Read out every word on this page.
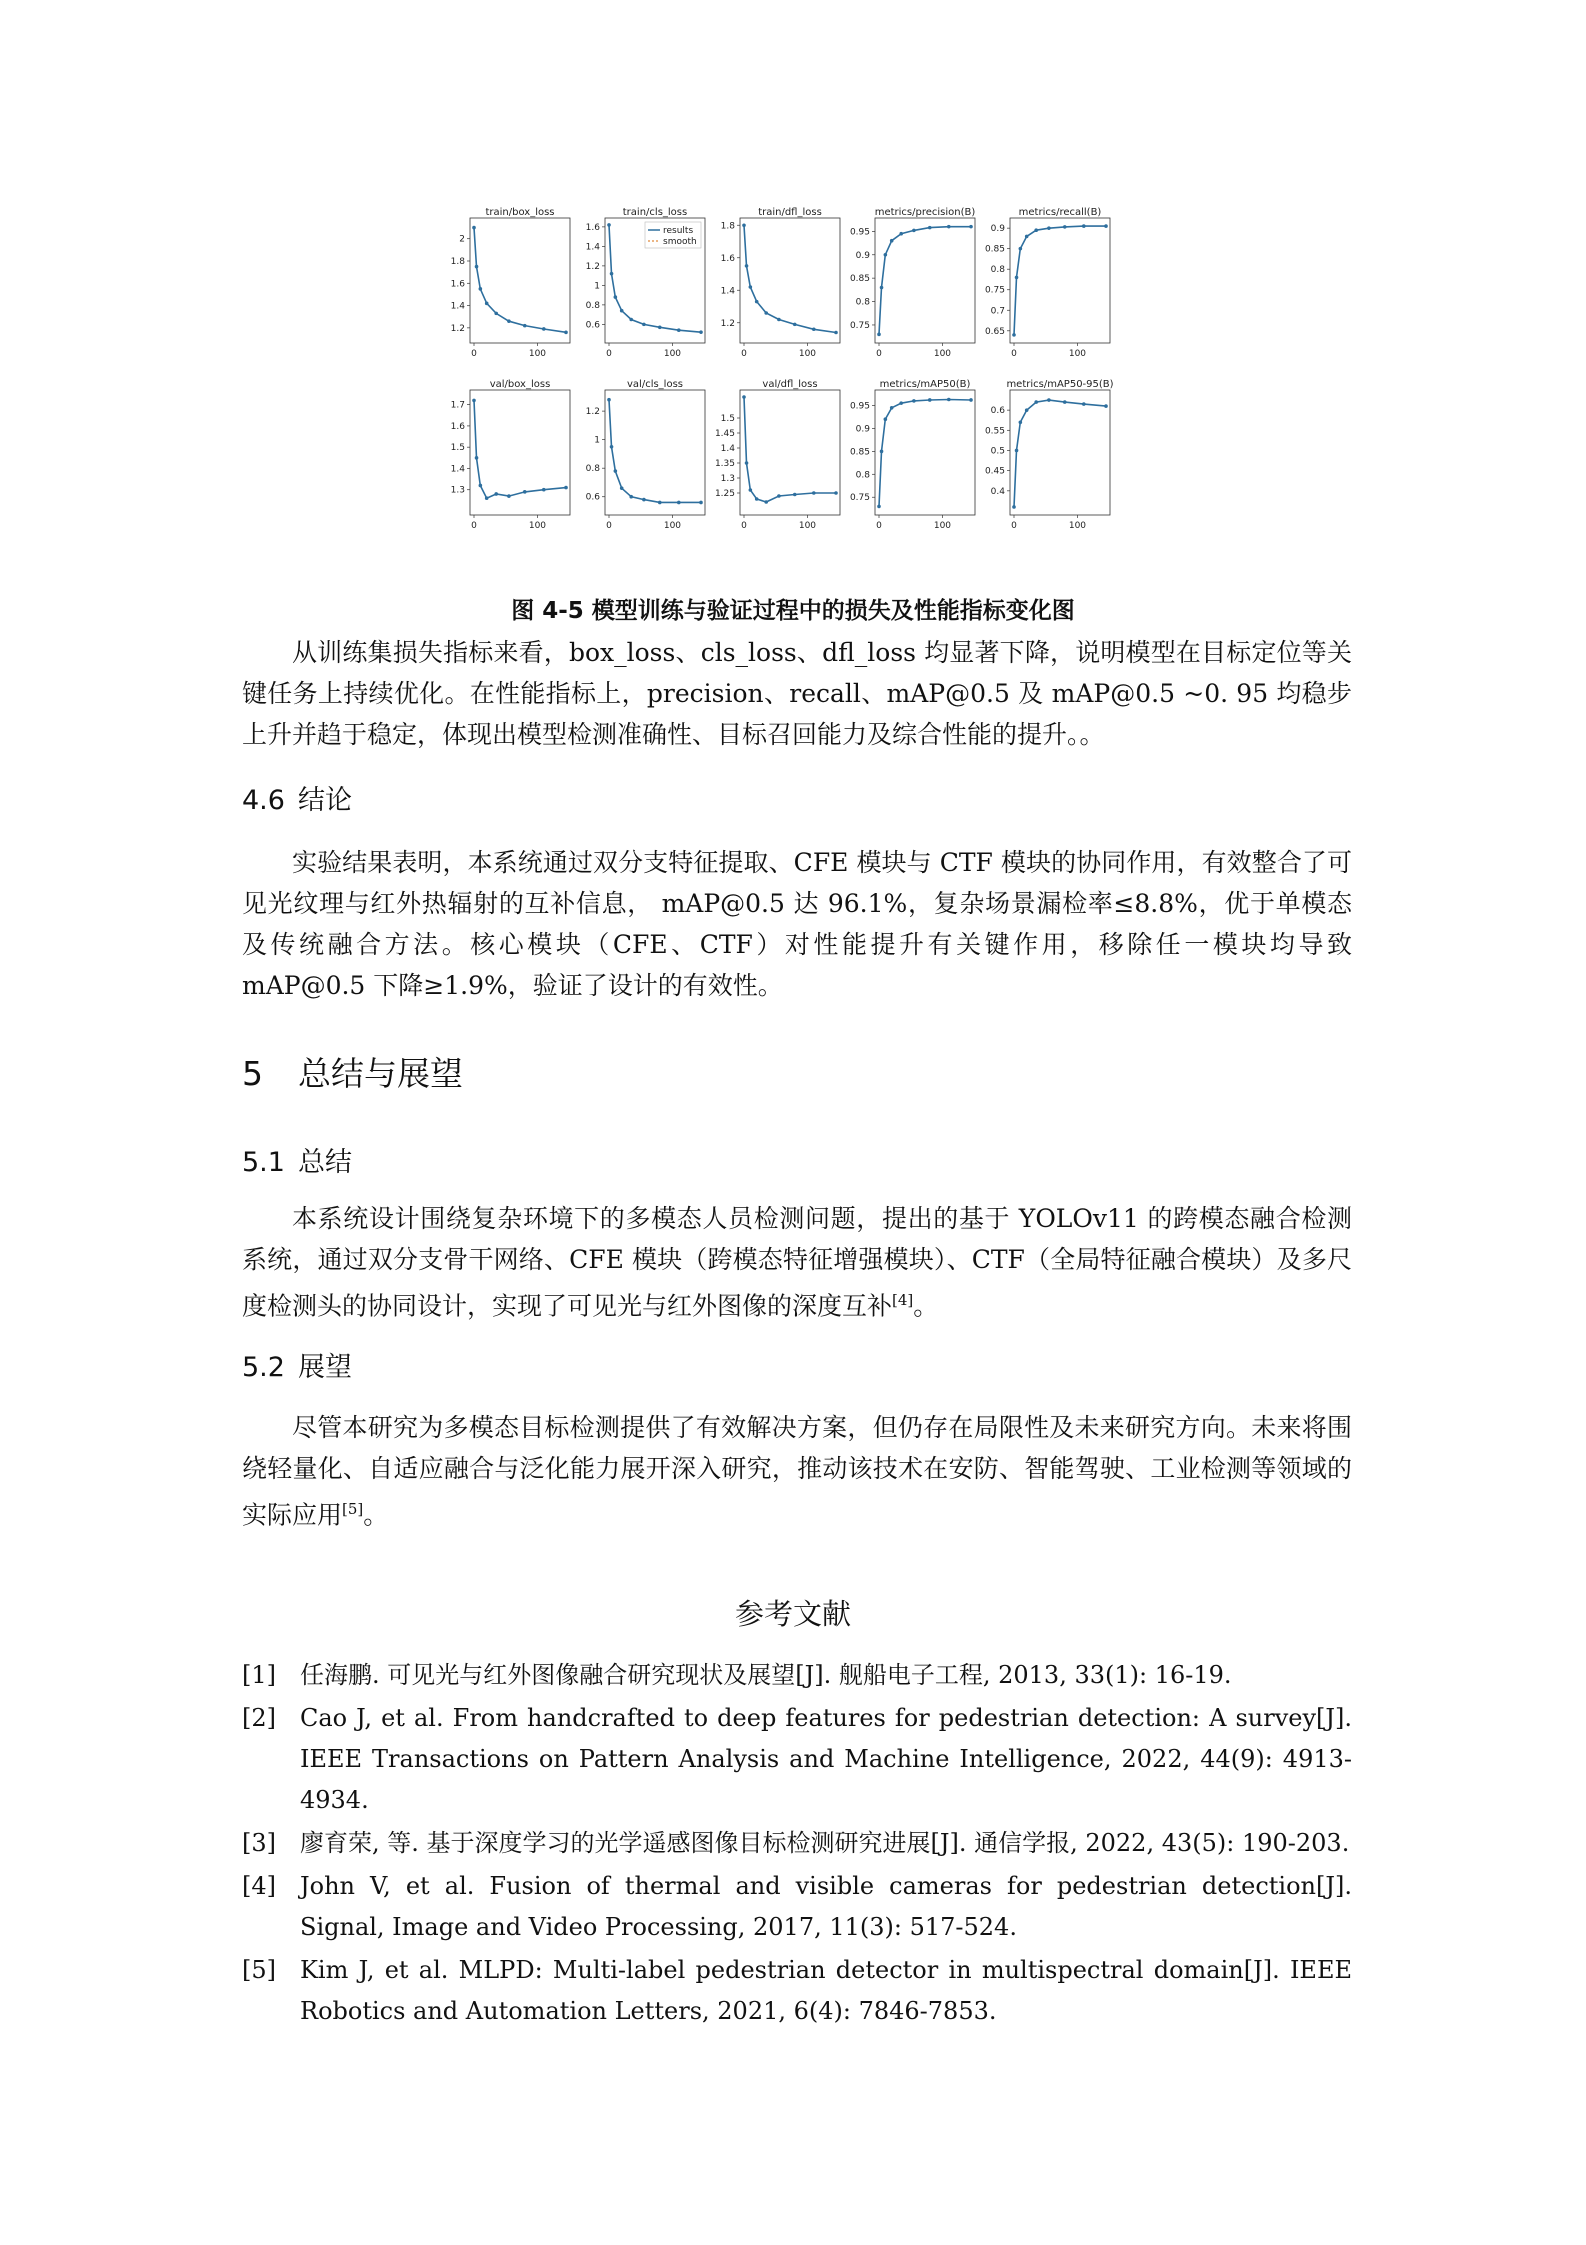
train/box_loss
1.2
1.4
1.6
1.8
2
0	100
train/cls_loss
0.6
0.8
1
1.2
1.4
1.6
0	100
results
smooth
train/dfl_loss
1.2
1.4
1.6
1.8
0	100
metrics/precision(B)
0.75
0.8
0.85
0.9
0.95
0	100
metrics/recall(B)
0.65
0.7
0.75
0.8
0.85
0.9
0	100
val/box_loss
1.3
1.4
1.5
1.6
1.7
0	100
val/cls_loss
0.6
0.8
1
1.2
0	100
val/dfl_loss
1.25
1.3
1.35
1.4
1.45
1.5
0	100
metrics/mAP50(B)
0.75
0.8
0.85
0.9
0.95
0	100
metrics/mAP50-95(B)
0.4
0.45
0.5
0.55
0.6
0	100
图 4-5 模型训练与验证过程中的损失及性能指标变化图

从训练集损失指标来看，box_loss、cls_loss、dfl_loss 均显著下降，说明模型在目标定位等关键任务上持续优化。在性能指标上，precision、recall、mAP@0.5 及 mAP@0.5 ~0. 95 均稳步上升并趋于稳定，体现出模型检测准确性、目标召回能力及综合性能的提升。。

4.6 结论

实验结果表明，本系统通过双分支特征提取、CFE 模块与 CTF 模块的协同作用，有效整合了可见光纹理与红外热辐射的互补信息， mAP@0.5 达 96.1%，复杂场景漏检率≤8.8%，优于单模态及传统融合方法。核心模块（CFE、CTF）对性能提升有关键作用，移除任一模块均导致 mAP@0.5 下降≥1.9%，验证了设计的有效性。

5 总结与展望
5.1 总结

本系统设计围绕复杂环境下的多模态人员检测问题，提出的基于 YOLOv11 的跨模态融合检测系统，通过双分支骨干网络、CFE 模块（跨模态特征增强模块）、CTF（全局特征融合模块）及多尺度检测头的协同设计，实现了可见光与红外图像的深度互补[4]。

5.2 展望

尽管本研究为多模态目标检测提供了有效解决方案，但仍存在局限性及未来研究方向。未来将围绕轻量化、自适应融合与泛化能力展开深入研究，推动该技术在安防、智能驾驶、工业检测等领域的实际应用[5]。

参考文献
[1] 任海鹏. 可见光与红外图像融合研究现状及展望[J]. 舰船电子工程, 2013, 33(1): 16-19.
[2] Cao J, et al. From handcrafted to deep features for pedestrian detection: A survey[J]. IEEE Transactions on Pattern Analysis and Machine Intelligence, 2022, 44(9): 4913-4934.
[3] 廖育荣, 等. 基于深度学习的光学遥感图像目标检测研究进展[J]. 通信学报, 2022, 43(5): 190-203.
[4] John V, et al. Fusion of thermal and visible cameras for pedestrian detection[J]. Signal, Image and Video Processing, 2017, 11(3): 517-524.
[5] Kim J, et al. MLPD: Multi-label pedestrian detector in multispectral domain[J]. IEEE Robotics and Automation Letters, 2021, 6(4): 7846-7853.
